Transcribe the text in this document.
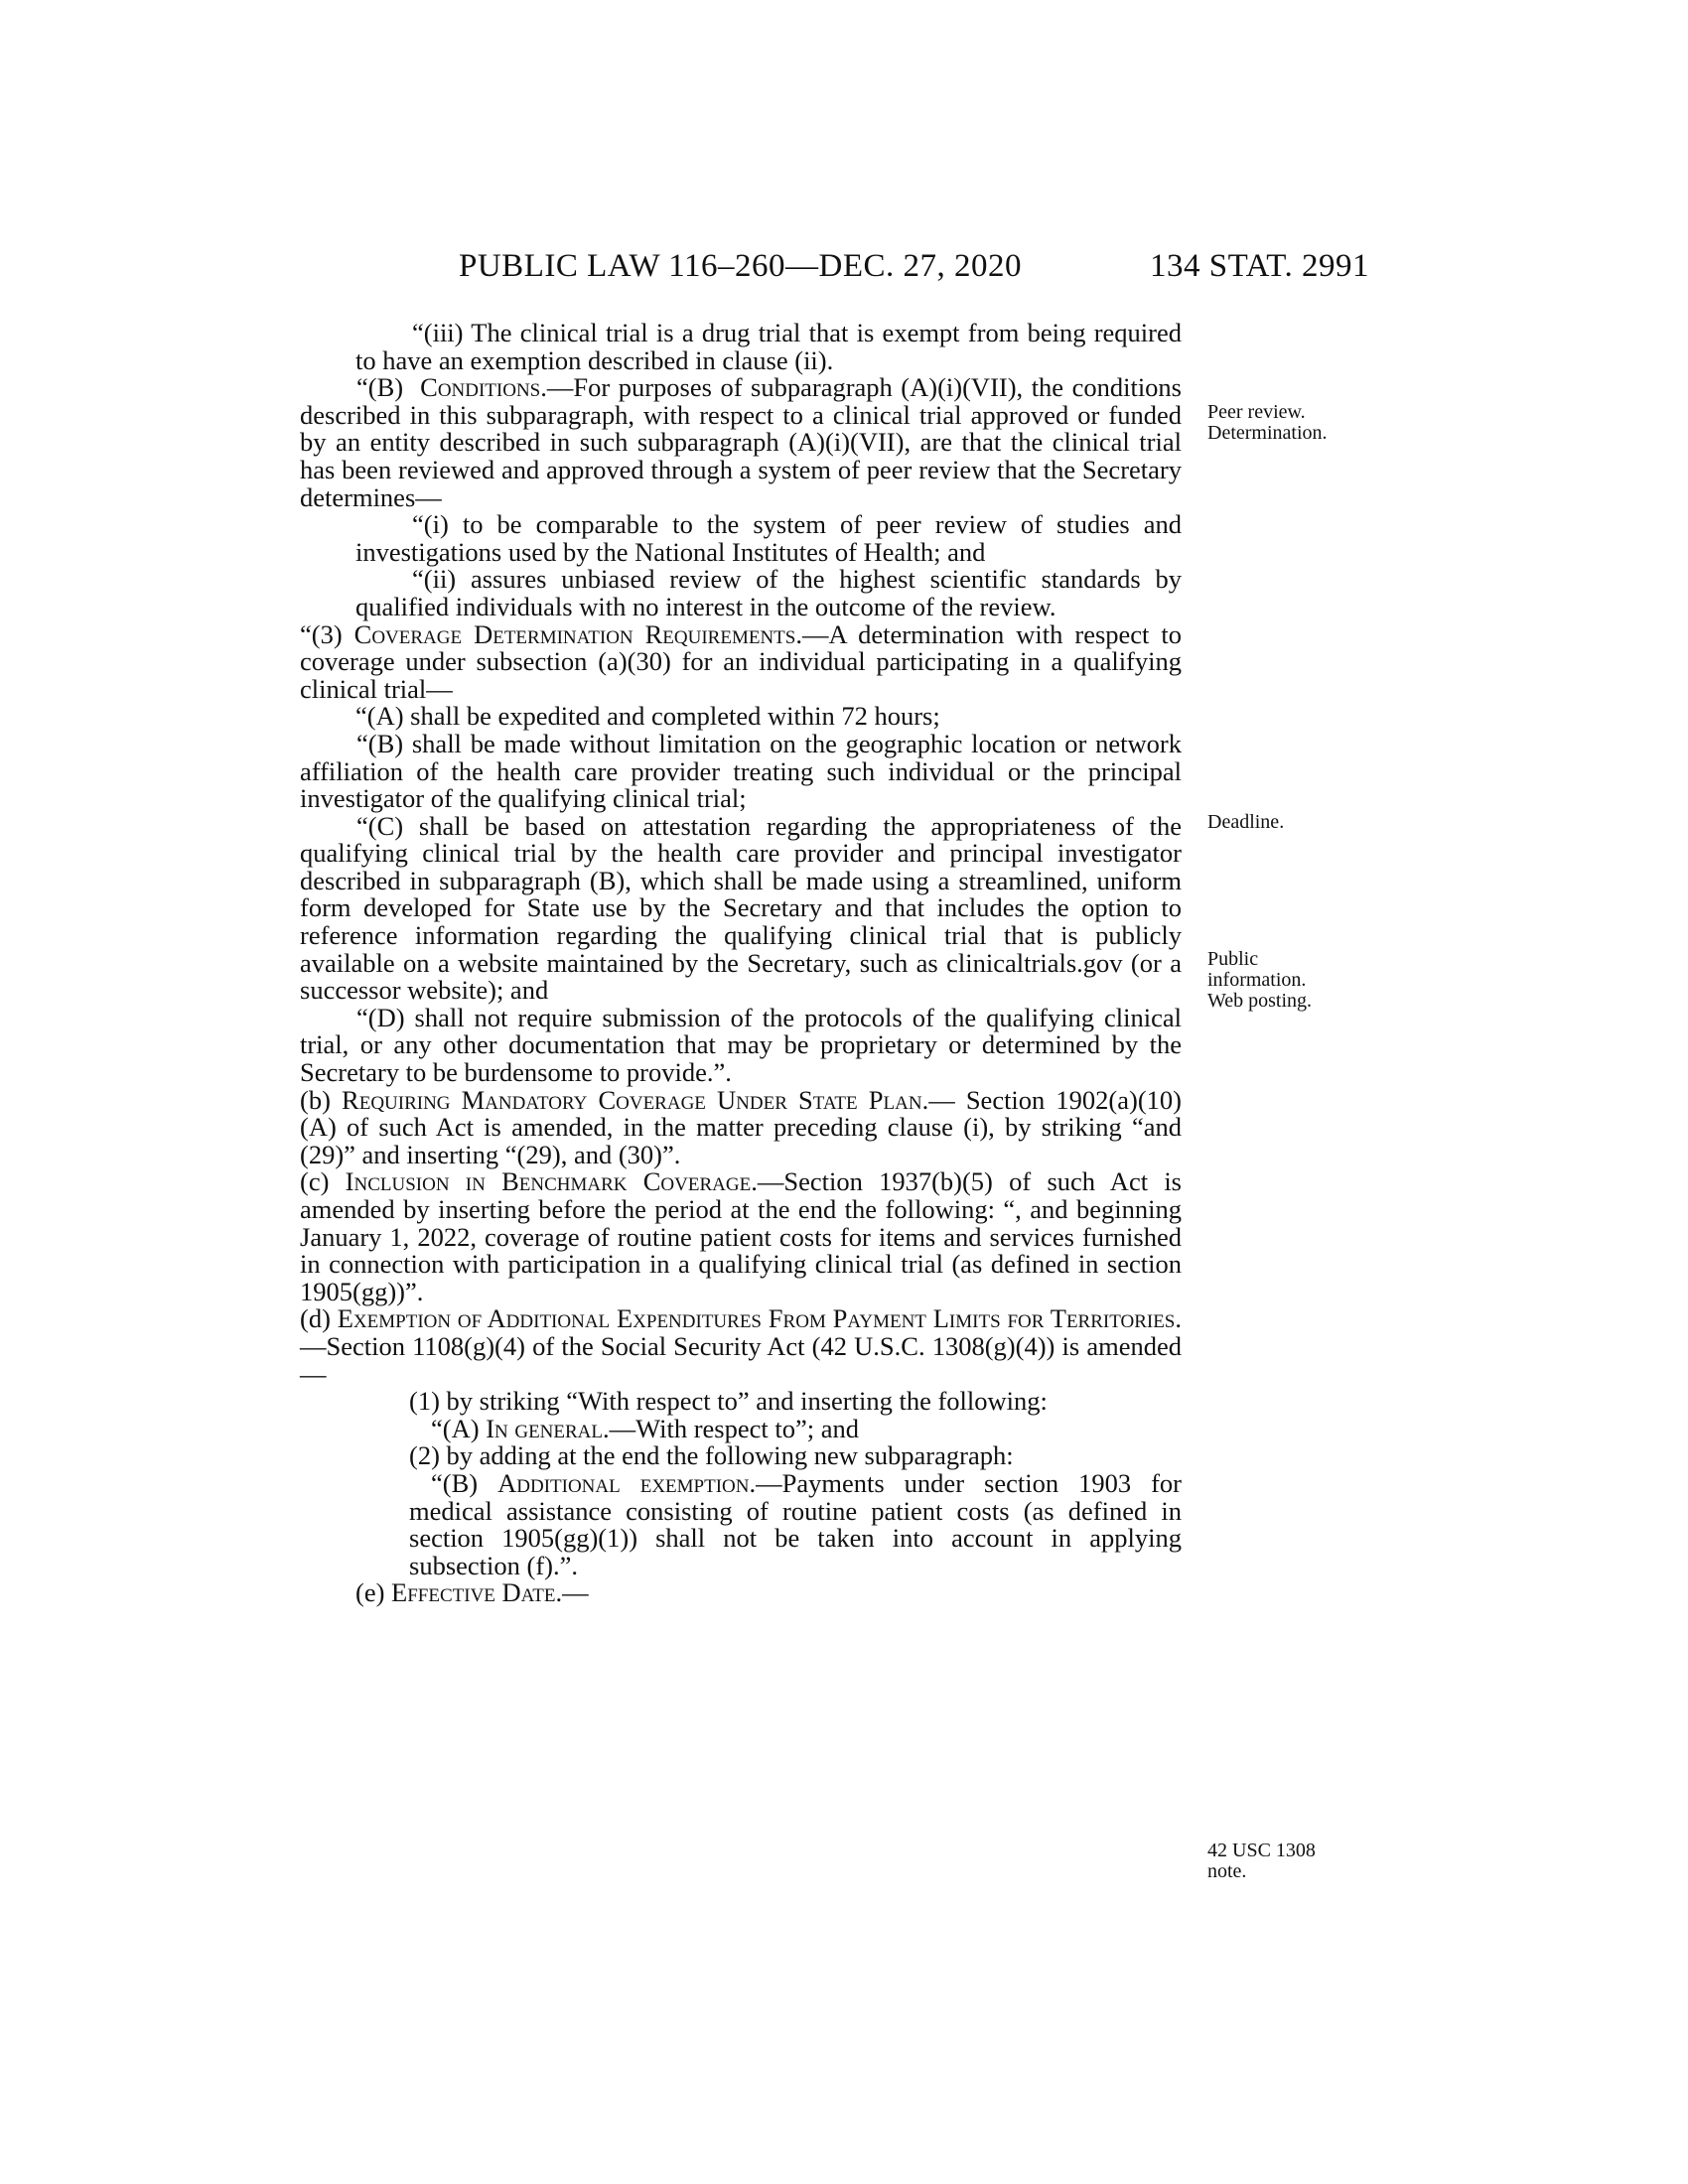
PUBLIC LAW 116–260—DEC. 27, 2020	134 STAT. 2991

“(iii) The clinical trial is a drug trial that is exempt from being required to have an exemption described in clause (ii).

“(B) Conditions.—For purposes of subparagraph (A)(i)(VII), the conditions described in this subparagraph, with respect to a clinical trial approved or funded by an entity described in such subparagraph (A)(i)(VII), are that the clinical trial has been reviewed and approved through a system of peer review that the Secretary determines—

“(i) to be comparable to the system of peer review of studies and investigations used by the National Institutes of Health; and

“(ii) assures unbiased review of the highest scientific standards by qualified individuals with no interest in the outcome of the review.

“(3) Coverage Determination Requirements.—A determination with respect to coverage under subsection (a)(30) for an individual participating in a qualifying clinical trial—

“(A) shall be expedited and completed within 72 hours;

“(B) shall be made without limitation on the geographic location or network affiliation of the health care provider treating such individual or the principal investigator of the qualifying clinical trial;

“(C) shall be based on attestation regarding the appropriateness of the qualifying clinical trial by the health care provider and principal investigator described in subparagraph (B), which shall be made using a streamlined, uniform form developed for State use by the Secretary and that includes the option to reference information regarding the qualifying clinical trial that is publicly available on a website maintained by the Secretary, such as clinicaltrials.gov (or a successor website); and

“(D) shall not require submission of the protocols of the qualifying clinical trial, or any other documentation that may be proprietary or determined by the Secretary to be burdensome to provide.”.

(b) Requiring Mandatory Coverage Under State Plan.— Section 1902(a)(10)(A) of such Act is amended, in the matter preceding clause (i), by striking “and (29)” and inserting “(29), and (30)”.

(c) Inclusion in Benchmark Coverage.—Section 1937(b)(5) of such Act is amended by inserting before the period at the end the following: “, and beginning January 1, 2022, coverage of routine patient costs for items and services furnished in connection with participation in a qualifying clinical trial (as defined in section 1905(gg))”.

(d) Exemption of Additional Expenditures From Payment Limits for Territories.—Section 1108(g)(4) of the Social Security Act (42 U.S.C. 1308(g)(4)) is amended—

(1) by striking “With respect to” and inserting the following:

“(A) In general.—With respect to”; and

(2) by adding at the end the following new subparagraph:

“(B) Additional exemption.—Payments under section 1903 for medical assistance consisting of routine patient costs (as defined in section 1905(gg)(1)) shall not be taken into account in applying subsection (f).”.

(e) Effective Date.—

Peer review.
Determination.
Deadline.
Public
information.
Web posting.
42 USC 1308
note.
